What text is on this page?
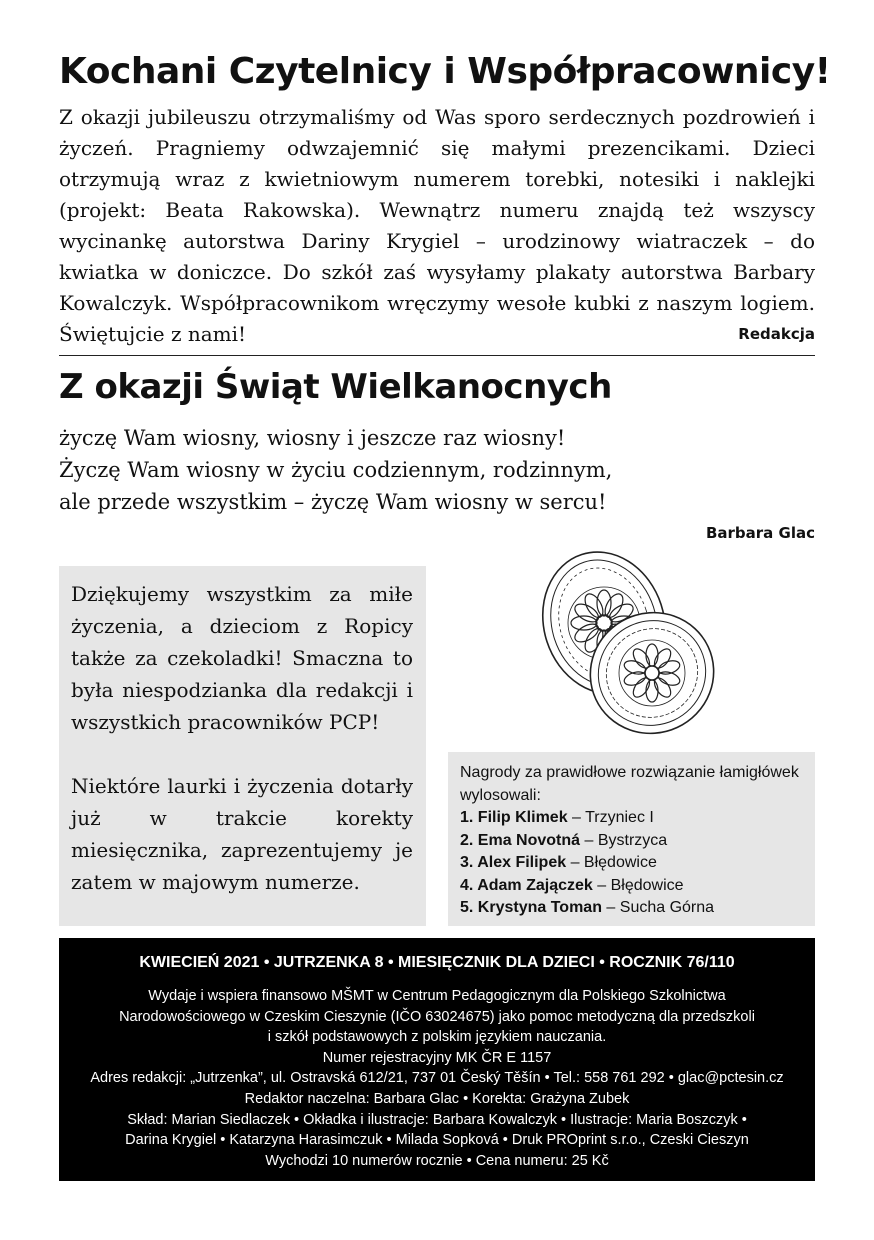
Kochani Czytelnicy i Współpracownicy!

Z okazji jubileuszu otrzymaliśmy od Was sporo serdecznych pozdrowień i życzeń. Pragniemy odwzajemnić się małymi prezencikami. Dzieci otrzymują wraz z kwietniowym numerem torebki, notesiki i naklejki (projekt: Beata Rakowska). Wewnątrz numeru znajdą też wszyscy wycinankę autorstwa Dariny Krygiel – urodzinowy wiatraczek – do kwiatka w doniczce. Do szkół zaś wysyłamy plakaty autorstwa Barbary Kowalczyk. Współpracownikom wręczymy wesołe kubki z naszym logiem. Świętujcie z nami!	Redakcja
Z okazji Świąt Wielkanocnych
życzę Wam wiosny, wiosny i jeszcze raz wiosny!
Życzę Wam wiosny w życiu codziennym, rodzinnym,
ale przede wszystkim – życzę Wam wiosny w sercu!
Barbara Glac

Dziękujemy wszystkim za miłe życzenia, a dzieciom z Ropicy także za czekoladki! Smaczna to była niespodzianka dla redakcji i wszystkich pracowników PCP!

Niektóre laurki i życzenia dotarły już w trakcie korekty miesięcznika, zaprezentujemy je zatem w majowym numerze.

Nagrody za prawidłowe rozwiązanie łamigłówek wylosowali:

1. Filip Klimek – Trzyniec I
2. Ema Novotná – Bystrzyca
3. Alex Filipek – Błędowice
4. Adam Zajączek – Błędowice
5. Krystyna Toman – Sucha Górna
KWIECIEŃ 2021 • JUTRZENKA 8 • MIESIĘCZNIK DLA DZIECI • ROCZNIK 76/110
Wydaje i wspiera finansowo MŠMT w Centrum Pedagogicznym dla Polskiego Szkolnictwa
Narodowościowego w Czeskim Cieszynie (IČO 63024675) jako pomoc metodyczną dla przedszkoli
i szkół podstawowych z polskim językiem nauczania.
Numer rejestracyjny MK ČR E 1157
Adres redakcji: „Jutrzenka”, ul. Ostravská 612/21, 737 01 Český Těšín • Tel.: 558 761 292 • glac@pctesin.cz
Redaktor naczelna: Barbara Glac • Korekta: Grażyna Zubek
Skład: Marian Siedlaczek • Okładka i ilustracje: Barbara Kowalczyk • Ilustracje: Maria Boszczyk •
Darina Krygiel • Katarzyna Harasimczuk • Milada Sopková • Druk PROprint s.r.o., Czeski Cieszyn
Wychodzi 10 numerów rocznie • Cena numeru: 25 Kč
